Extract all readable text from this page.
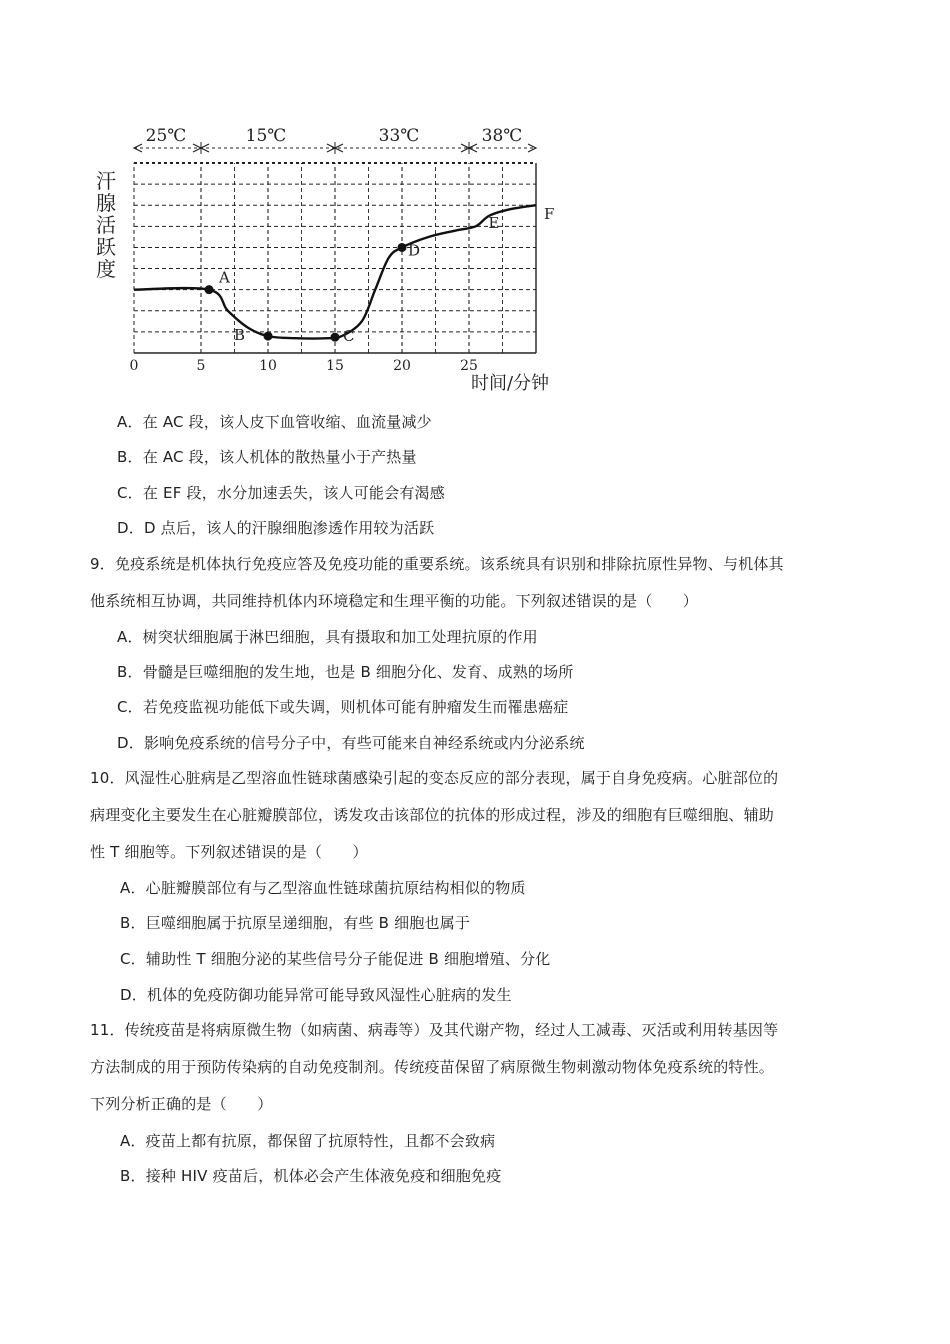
25℃	15℃	33℃	38℃
0	5	10	15	20	25
汗
腺
活
跃
度
时间/分钟
A
B	C
D
E	F
A．在 AC 段，该人皮下血管收缩、血流量减少
B．在 AC 段，该人机体的散热量小于产热量
C．在 EF 段，水分加速丢失，该人可能会有渴感
D．D 点后，该人的汗腺细胞渗透作用较为活跃
9．免疫系统是机体执行免疫应答及免疫功能的重要系统。该系统具有识别和排除抗原性异物、与机体其
他系统相互协调，共同维持机体内环境稳定和生理平衡的功能。下列叙述错误的是（　　）
A．树突状细胞属于淋巴细胞，具有摄取和加工处理抗原的作用
B．骨髓是巨噬细胞的发生地，也是 B 细胞分化、发育、成熟的场所
C．若免疫监视功能低下或失调，则机体可能有肿瘤发生而罹患癌症
D．影响免疫系统的信号分子中，有些可能来自神经系统或内分泌系统
10．风湿性心脏病是乙型溶血性链球菌感染引起的变态反应的部分表现，属于自身免疫病。心脏部位的
病理变化主要发生在心脏瓣膜部位，诱发攻击该部位的抗体的形成过程，涉及的细胞有巨噬细胞、辅助
性 T 细胞等。下列叙述错误的是（　　）
A．心脏瓣膜部位有与乙型溶血性链球菌抗原结构相似的物质
B．巨噬细胞属于抗原呈递细胞，有些 B 细胞也属于
C．辅助性 T 细胞分泌的某些信号分子能促进 B 细胞增殖、分化
D．机体的免疫防御功能异常可能导致风湿性心脏病的发生
11．传统疫苗是将病原微生物（如病菌、病毒等）及其代谢产物，经过人工减毒、灭活或利用转基因等
方法制成的用于预防传染病的自动免疫制剂。传统疫苗保留了病原微生物刺激动物体免疫系统的特性。
下列分析正确的是（　　）
A．疫苗上都有抗原，都保留了抗原特性，且都不会致病
B．接种 HIV 疫苗后，机体必会产生体液免疫和细胞免疫
